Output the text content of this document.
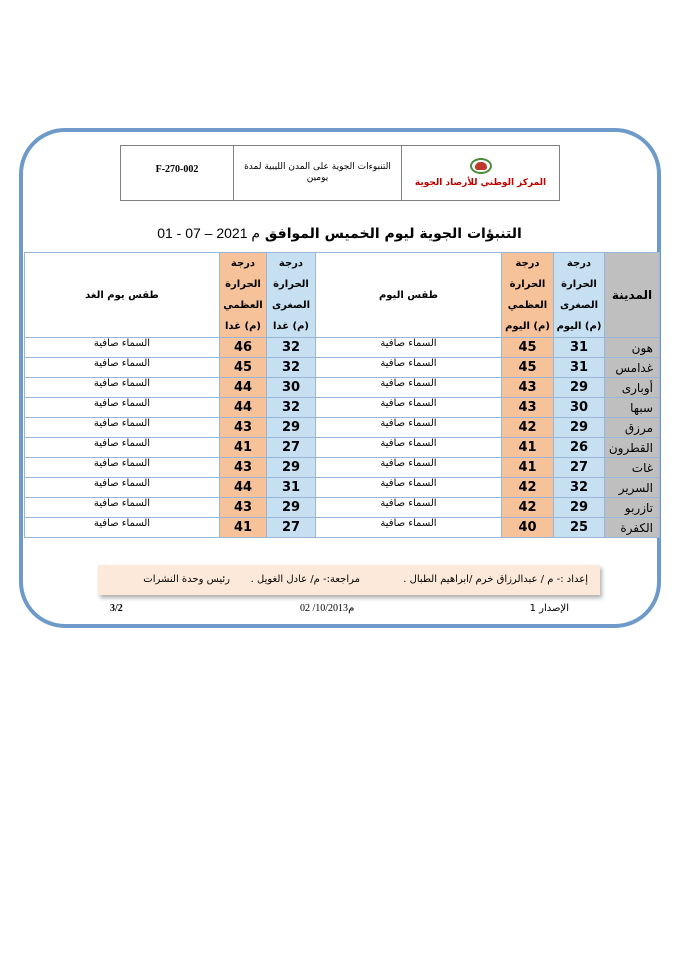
المركز الوطني للأرصاد الجوية
	التنبوءات الجوية على المدن الليبية لمدة يومين	F-270-002
التنبؤات الجوية ليوم الخميس الموافق 01 - 07 – 2021 م
المدينة	درجة الحرارة الصغرى (م) اليوم	درجة الحرارة العظمي (م) اليوم	طقس اليوم	درجة الحرارة الصغرى (م) غدا	درجة الحرارة العظمي (م) غدا	طقس يوم الغد
هون	31	45	السماء صافية	32	46	السماء صافية
غدامس	31	45	السماء صافية	32	45	السماء صافية
أوبارى	29	43	السماء صافية	30	44	السماء صافية
سبها	30	43	السماء صافية	32	44	السماء صافية
مرزق	29	42	السماء صافية	29	43	السماء صافية
القطرون	26	41	السماء صافية	27	41	السماء صافية
غات	27	41	السماء صافية	29	43	السماء صافية
السرير	32	42	السماء صافية	31	44	السماء صافية
تازربو	29	42	السماء صافية	29	43	السماء صافية
الكفرة	25	40	السماء صافية	27	41	السماء صافية
إعداد :- م / عبدالرزاق خرم /ابراهيم الطبال .
مراجعة:- م/ عادل الغويل .
رئيس وحدة النشرات
الإصدار 1
02 /10/2013م
3/2
